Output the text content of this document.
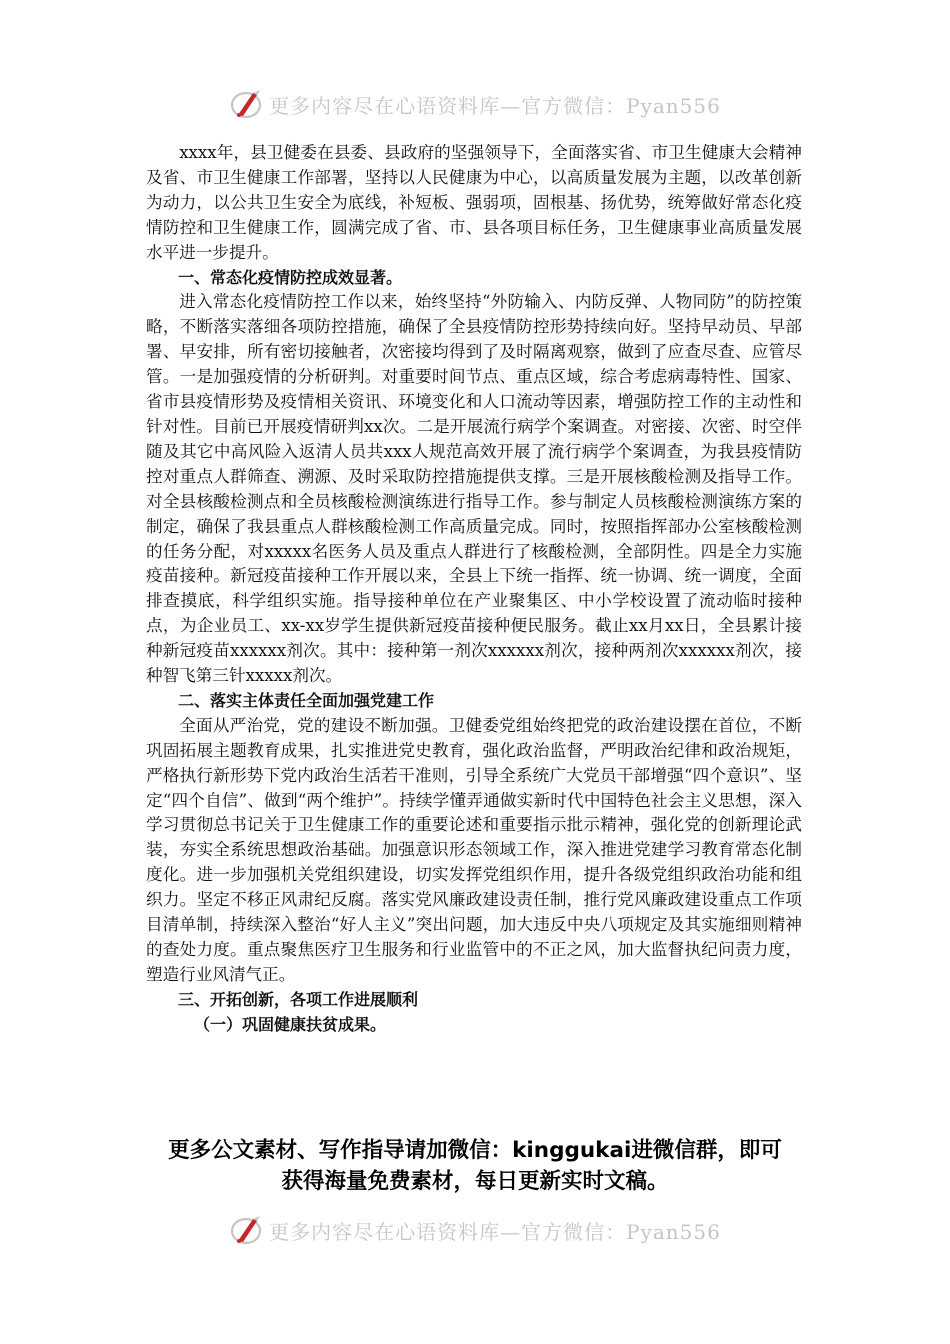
更多内容尽在心语资料库—官方微信：Pyan556

xxxx年，县卫健委在县委、县政府的坚强领导下，全面落实省、市卫生健康大会精神及省、市卫生健康工作部署，坚持以人民健康为中心，以高质量发展为主题，以改革创新为动力，以公共卫生安全为底线，补短板、强弱项，固根基、扬优势，统筹做好常态化疫情防控和卫生健康工作，圆满完成了省、市、县各项目标任务，卫生健康事业高质量发展水平进一步提升。

一、常态化疫情防控成效显著。

进入常态化疫情防控工作以来，始终坚持“外防输入、内防反弹、人物同防”的防控策略，不断落实落细各项防控措施，确保了全县疫情防控形势持续向好。坚持早动员、早部署、早安排，所有密切接触者，次密接均得到了及时隔离观察，做到了应查尽查、应管尽管。一是加强疫情的分析研判。对重要时间节点、重点区域，综合考虑病毒特性、国家、省市县疫情形势及疫情相关资讯、环境变化和人口流动等因素，增强防控工作的主动性和针对性。目前已开展疫情研判xx次。二是开展流行病学个案调查。对密接、次密、时空伴随及其它中高风险入返清人员共xxx人规范高效开展了流行病学个案调查，为我县疫情防控对重点人群筛查、溯源、及时采取防控措施提供支撑。三是开展核酸检测及指导工作。对全县核酸检测点和全员核酸检测演练进行指导工作。参与制定人员核酸检测演练方案的制定，确保了我县重点人群核酸检测工作高质量完成。同时，按照指挥部办公室核酸检测的任务分配，对xxxxx名医务人员及重点人群进行了核酸检测，全部阴性。四是全力实施疫苗接种。新冠疫苗接种工作开展以来，全县上下统一指挥、统一协调、统一调度，全面排查摸底，科学组织实施。指导接种单位在产业聚集区、中小学校设置了流动临时接种点，为企业员工、xx-xx岁学生提供新冠疫苗接种便民服务。截止xx月xx日，全县累计接种新冠疫苗xxxxxx剂次。其中：接种第一剂次xxxxxx剂次，接种两剂次xxxxxx剂次，接种智飞第三针xxxxx剂次。

二、落实主体责任全面加强党建工作

全面从严治党，党的建设不断加强。卫健委党组始终把党的政治建设摆在首位，不断巩固拓展主题教育成果，扎实推进党史教育，强化政治监督，严明政治纪律和政治规矩，严格执行新形势下党内政治生活若干准则，引导全系统广大党员干部增强“四个意识”、坚定“四个自信”、做到“两个维护”。持续学懂弄通做实新时代中国特色社会主义思想，深入学习贯彻总书记关于卫生健康工作的重要论述和重要指示批示精神，强化党的创新理论武装，夯实全系统思想政治基础。加强意识形态领域工作，深入推进党建学习教育常态化制度化。进一步加强机关党组织建设，切实发挥党组织作用，提升各级党组织政治功能和组织力。坚定不移正风肃纪反腐。落实党风廉政建设责任制，推行党风廉政建设重点工作项目清单制，持续深入整治“好人主义”突出问题，加大违反中央八项规定及其实施细则精神的查处力度。重点聚焦医疗卫生服务和行业监管中的不正之风，加大监督执纪问责力度，塑造行业风清气正。

三、开拓创新，各项工作进展顺利

（一）巩固健康扶贫成果。

更多公文素材、写作指导请加微信：kinggukai进微信群，即可
获得海量免费素材，每日更新实时文稿。
更多内容尽在心语资料库—官方微信：Pyan556
